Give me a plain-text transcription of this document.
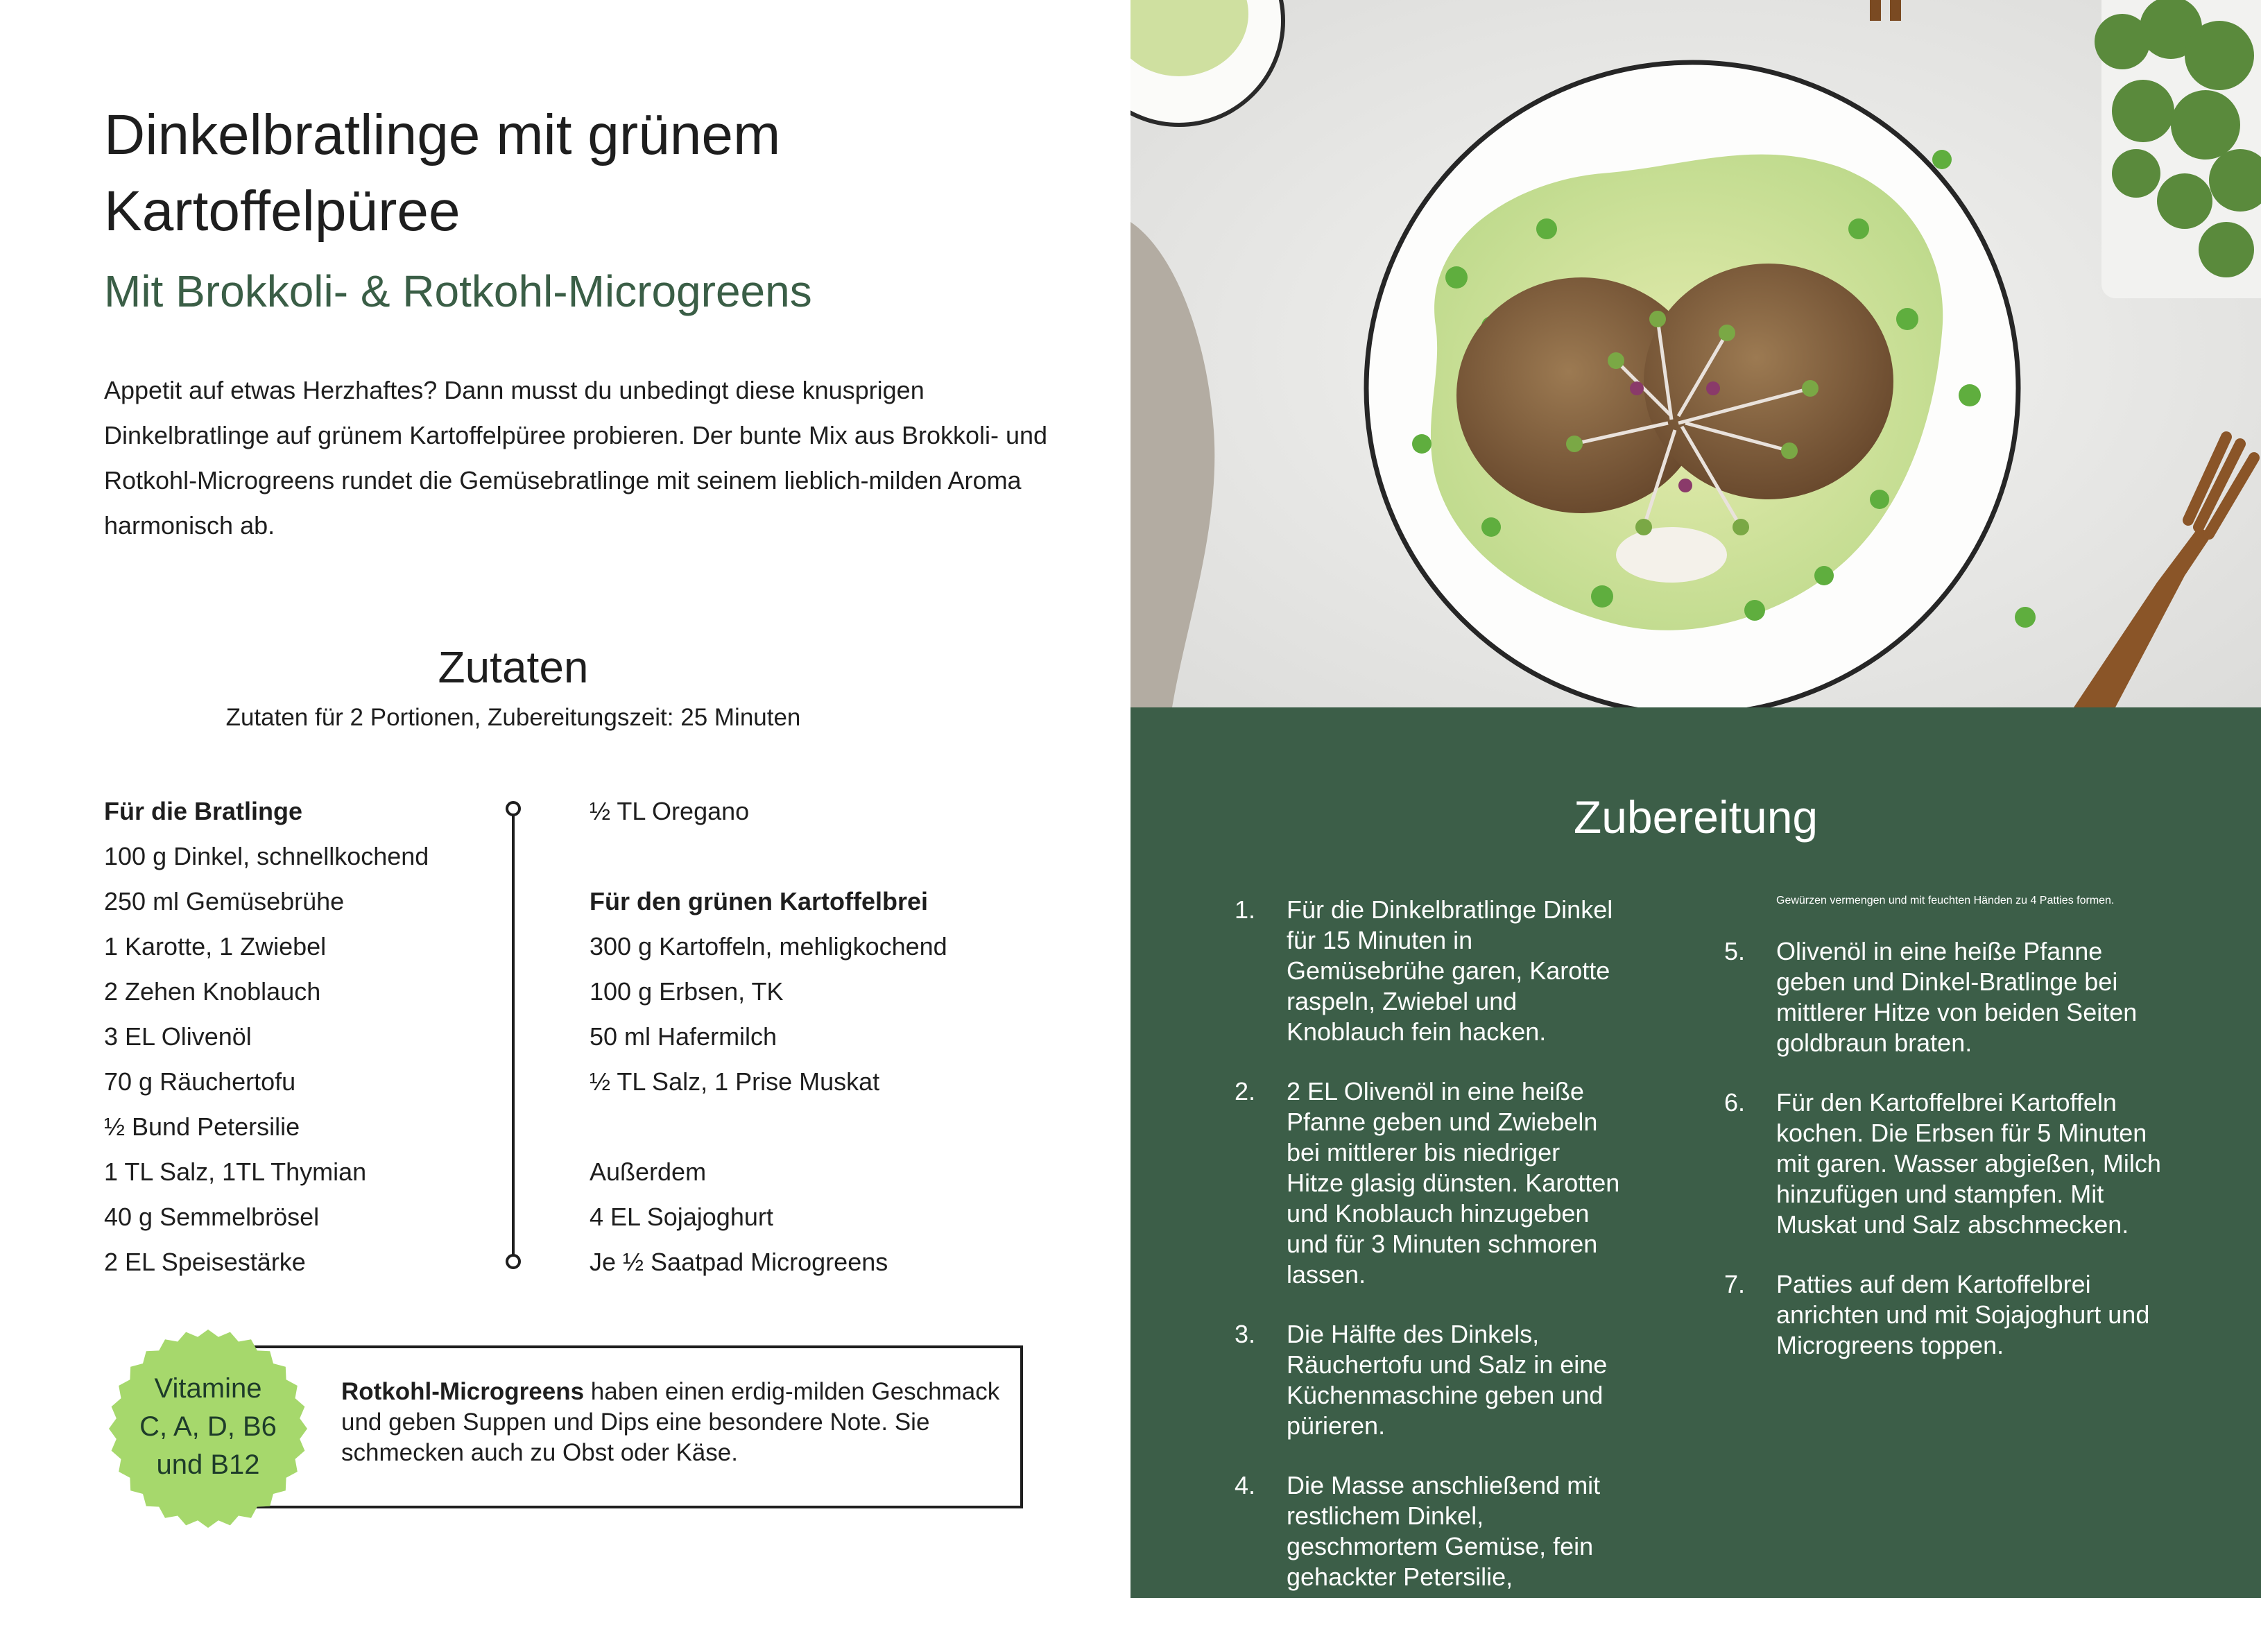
Dinkelbratlinge mit grünem Kartoffelpüree
Mit Brokkoli- & Rotkohl-Microgreens

Appetit auf etwas Herzhaftes? Dann musst du unbedingt diese knusprigen Dinkelbratlinge auf grünem Kartoffelpüree probieren. Der bunte Mix aus Brokkoli- und Rotkohl-Microgreens rundet die Gemüsebratlinge mit seinem lieblich-milden Aroma harmonisch ab.

Zutaten

Zutaten für 2 Portionen, Zubereitungszeit: 25 Minuten

Für die Bratlinge
100 g Dinkel, schnellkochend
250 ml Gemüsebrühe
1 Karotte, 1 Zwiebel
2 Zehen Knoblauch
3 EL Olivenöl
70 g Räuchertofu
½ Bund Petersilie
1 TL Salz, 1TL Thymian
40 g Semmelbrösel
2 EL Speisestärke
½ TL Oregano
Für den grünen Kartoffelbrei
300 g Kartoffeln, mehligkochend
100 g Erbsen, TK
50 ml Hafermilch
½ TL Salz, 1 Prise Muskat
Außerdem
4 EL Sojajoghurt
Je ½ Saatpad Microgreens
Vitamine
C, A, D, B6
und B12

Rotkohl-Microgreens haben einen erdig-milden Geschmack und geben Suppen und Dips eine besondere Note. Sie schmecken auch zu Obst oder Käse.

Zubereitung
1. Für die Dinkelbratlinge Dinkel für 15 Minuten in Gemüsebrühe garen, Karotte raspeln, Zwiebel und Knoblauch fein hacken.
2. 2 EL Olivenöl in eine heiße Pfanne geben und Zwiebeln bei mittlerer bis niedriger Hitze glasig dünsten. Karotten und Knoblauch hinzugeben und für 3 Minuten schmoren lassen.
3. Die Hälfte des Dinkels, Räuchertofu und Salz in eine Küchenmaschine geben und pürieren.
4. Die Masse anschließend mit restlichem Dinkel, geschmortem Gemüse, fein gehackter Petersilie, Semmelbröseln, Stärke und
Gewürzen vermengen und mit feuchten Händen zu 4 Patties formen.
5. Olivenöl in eine heiße Pfanne geben und Dinkel-Bratlinge bei mittlerer Hitze von beiden Seiten goldbraun braten.
6. Für den Kartoffelbrei Kartoffeln kochen. Die Erbsen für 5 Minuten mit garen. Wasser abgießen, Milch hinzufügen und stampfen. Mit Muskat und Salz abschmecken.
7. Patties auf dem Kartoffelbrei anrichten und mit Sojajoghurt und Microgreens toppen.
